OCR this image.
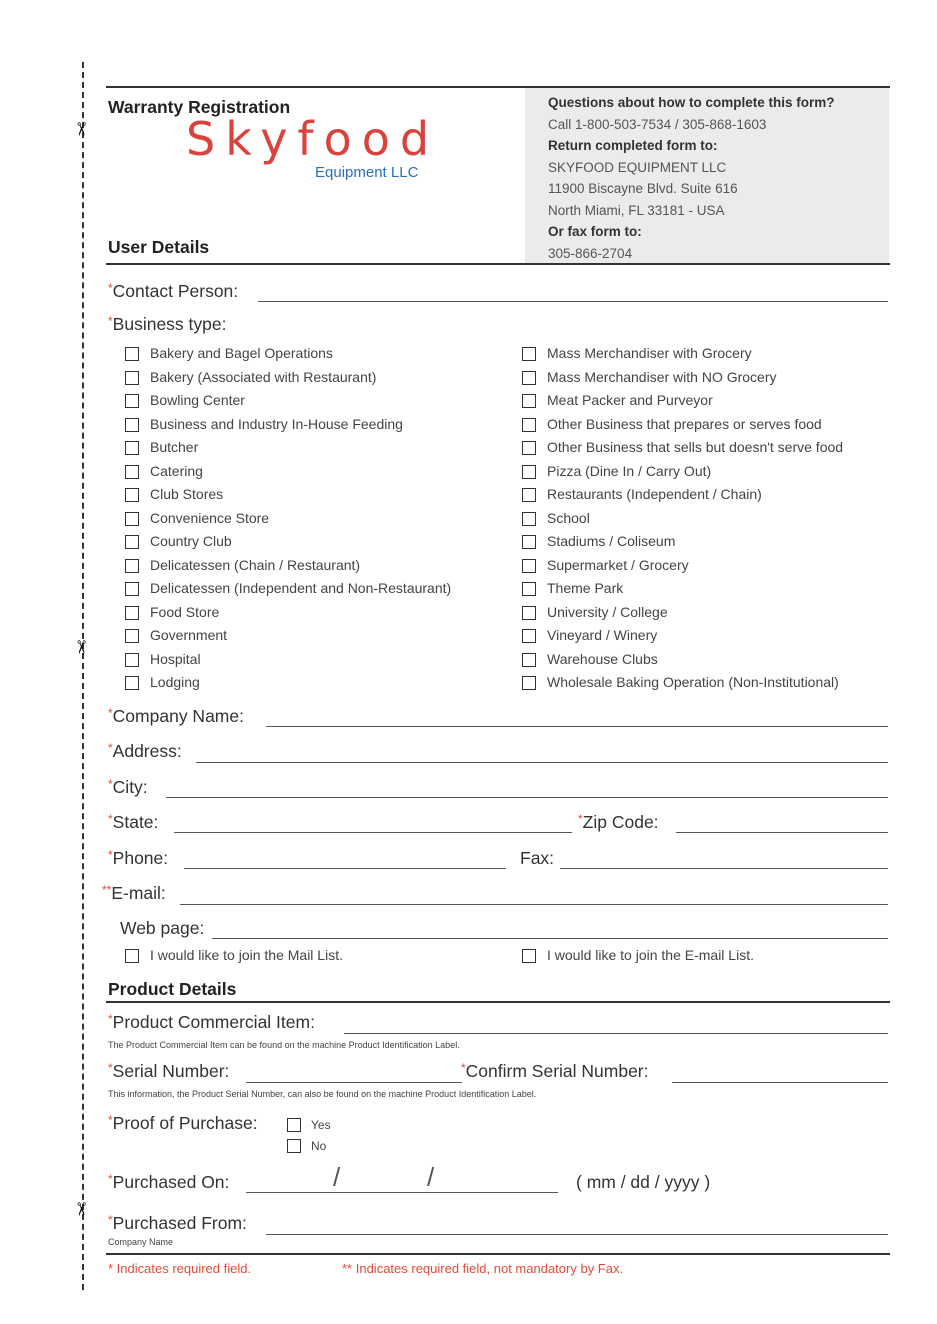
✂
✂
✂
Questions about how to complete this form?
Call 1-800-503-7534 / 305-868-1603
Return completed form to:
SKYFOOD EQUIPMENT LLC
11900 Biscayne Blvd. Suite 616
North Miami, FL 33181 - USA
Or fax form to:
305-866-2704
Warranty Registration
Skyfood
Equipment LLC
User Details
*Contact Person:
*Business type:
Bakery and Bagel Operations
Bakery (Associated with Restaurant)
Bowling Center
Business and Industry In-House Feeding
Butcher
Catering
Club Stores
Convenience Store
Country Club
Delicatessen (Chain / Restaurant)
Delicatessen (Independent and Non-Restaurant)
Food Store
Government
Hospital
Lodging
Mass Merchandiser with Grocery
Mass Merchandiser with NO Grocery
Meat Packer and Purveyor
Other Business that prepares or serves food
Other Business that sells but doesn't serve food
Pizza (Dine In / Carry Out)
Restaurants (Independent / Chain)
School
Stadiums / Coliseum
Supermarket / Grocery
Theme Park
University / College
Vineyard / Winery
Warehouse Clubs
Wholesale Baking Operation (Non-Institutional)
*Company Name:
*Address:
*City:
*State:	*Zip Code:
*Phone:	Fax:
**E-mail:
Web page:
I would like to join the Mail List.	I would like to join the E-mail List.
Product Details
*Product Commercial Item:
The Product Commercial Item can be found on the machine Product Identification Label.
*Serial Number:	*Confirm Serial Number:
This information, the Product Serial Number, can also be found on the machine Product Identification Label.
*Proof of Purchase:	Yes
No
*Purchased On:	/	/	( mm / dd / yyyy )
*Purchased From:
Company Name
* Indicates required field.	** Indicates required field, not mandatory by Fax.
